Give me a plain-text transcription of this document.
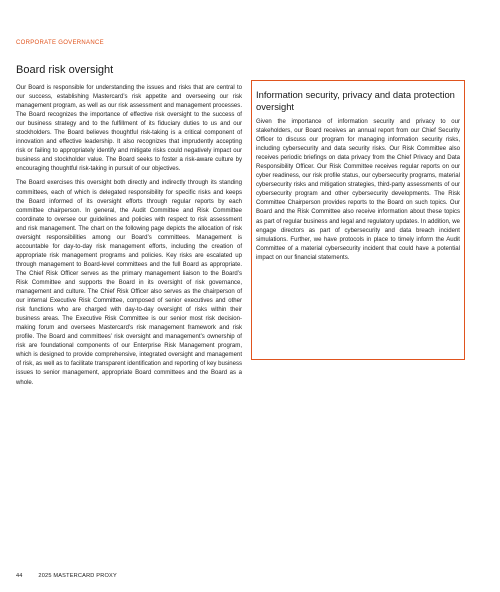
CORPORATE GOVERNANCE
Board risk oversight

Our Board is responsible for understanding the issues and risks that are central to our success, establishing Mastercard’s risk appetite and overseeing our risk management program, as well as our risk assessment and management processes. The Board recognizes the importance of effective risk oversight to the success of our business strategy and to the fulfillment of its fiduciary duties to us and our stockholders. The Board believes thoughtful risk-taking is a critical component of innovation and effective leadership. It also recognizes that imprudently accepting risk or failing to appropriately identify and mitigate risks could negatively impact our business and stockholder value. The Board seeks to foster a risk-aware culture by encouraging thoughtful risk-taking in pursuit of our objectives.

The Board exercises this oversight both directly and indirectly through its standing committees, each of which is delegated responsibility for specific risks and keeps the Board informed of its oversight efforts through regular reports by each committee chairperson. In general, the Audit Committee and Risk Committee coordinate to oversee our guidelines and policies with respect to risk assessment and risk management. The chart on the following page depicts the allocation of risk oversight responsibilities among our Board’s committees. Management is accountable for day-to-day risk management efforts, including the creation of appropriate risk management programs and policies. Key risks are escalated up through management to Board-level committees and the full Board as appropriate. The Chief Risk Officer serves as the primary management liaison to the Board’s Risk Committee and supports the Board in its oversight of risk governance, management and culture. The Chief Risk Officer also serves as the chairperson of our internal Executive Risk Committee, composed of senior executives and other risk functions who are charged with day-to-day oversight of risks within their business areas. The Executive Risk Committee is our senior most risk decision-making forum and oversees Mastercard’s risk management framework and risk profile. The Board and committees’ risk oversight and management’s ownership of risk are foundational components of our Enterprise Risk Management program, which is designed to provide comprehensive, integrated oversight and management of risk, as well as to facilitate transparent identification and reporting of key business issues to senior management, appropriate Board committees and the Board as a whole.

Information security, privacy and data protection oversight

Given the importance of information security and privacy to our stakeholders, our Board receives an annual report from our Chief Security Officer to discuss our program for managing information security risks, including cybersecurity and data security risks. Our Risk Committee also receives periodic briefings on data privacy from the Chief Privacy and Data Responsibility Officer. Our Risk Committee receives regular reports on our cyber readiness, our risk profile status, our cybersecurity programs, material cybersecurity risks and mitigation strategies, third-party assessments of our cybersecurity program and other cybersecurity developments. The Risk Committee Chairperson provides reports to the Board on such topics. Our Board and the Risk Committee also receive information about these topics as part of regular business and legal and regulatory updates. In addition, we engage directors as part of cybersecurity and data breach incident simulations. Further, we have protocols in place to timely inform the Audit Committee of a material cybersecurity incident that could have a potential impact on our financial statements.

44	2025 MASTERCARD PROXY
